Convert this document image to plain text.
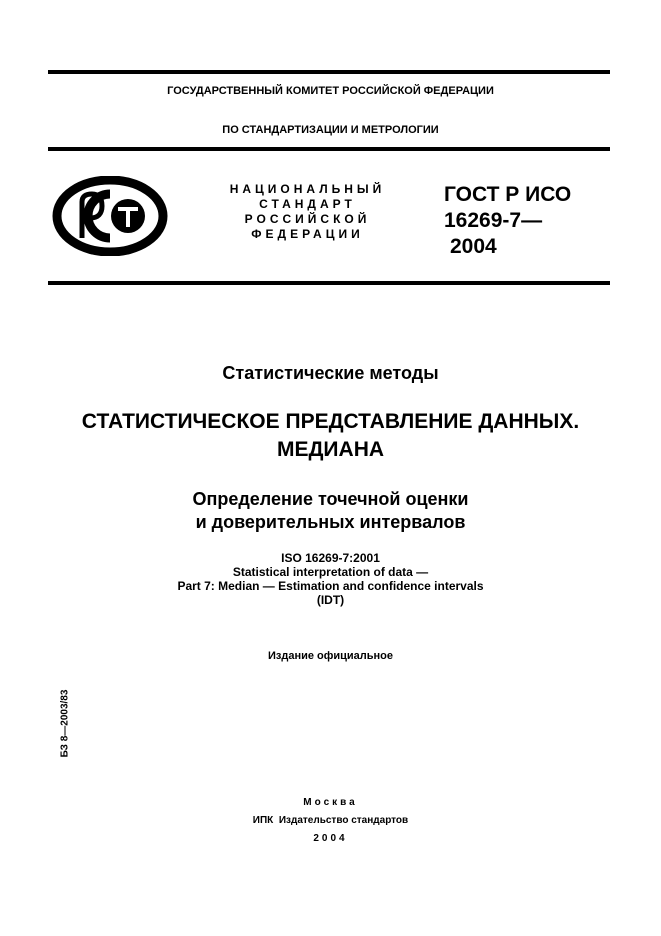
ГОСУДАРСТВЕННЫЙ КОМИТЕТ РОССИЙСКОЙ ФЕДЕРАЦИИ
ПО СТАНДАРТИЗАЦИИ И МЕТРОЛОГИИ
НАЦИОНАЛЬНЫЙ
СТАНДАРТ
РОССИЙСКОЙ
ФЕДЕРАЦИИ
ГОСТ Р ИСО
16269-7—
2004
Статистические методы
СТАТИСТИЧЕСКОЕ ПРЕДСТАВЛЕНИЕ ДАННЫХ.
МЕДИАНА
Определение точечной оценки
и доверительных интервалов
ISO 16269-7:2001
Statistical interpretation of data —
Part 7: Median — Estimation and confidence intervals
(IDT)
Издание официальное
БЗ 8—2003/83
Москва
ИПК  Издательство стандартов
2004
